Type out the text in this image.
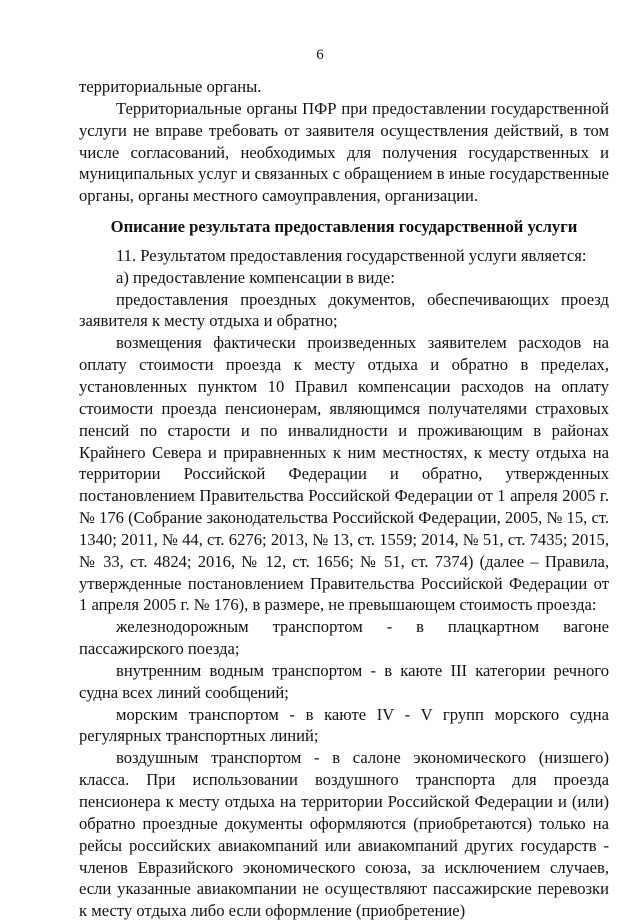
6

территориальные органы.

Территориальные органы ПФР при предоставлении государственной услуги не вправе требовать от заявителя осуществления действий, в том числе согласований, необходимых для получения государственных и муниципальных услуг и связанных с обращением в иные государственные органы, органы местного самоуправления, организации.

Описание результата предоставления государственной услуги

11. Результатом предоставления государственной услуги является:

а) предоставление компенсации в виде:

предоставления проездных документов, обеспечивающих проезд заявителя к месту отдыха и обратно;

возмещения фактически произведенных заявителем расходов на оплату стоимости проезда к месту отдыха и обратно в пределах, установленных пунктом 10 Правил компенсации расходов на оплату стоимости проезда пенсионерам, являющимся получателями страховых пенсий по старости и по инвалидности и проживающим в районах Крайнего Севера и приравненных к ним местностях, к месту отдыха на территории Российской Федерации и обратно, утвержденных постановлением Правительства Российской Федерации от 1 апреля 2005 г. № 176 (Собрание законодательства Российской Федерации, 2005, № 15, ст. 1340; 2011, № 44, ст. 6276; 2013, № 13, ст. 1559; 2014, № 51, ст. 7435; 2015, № 33, ст. 4824; 2016, № 12, ст. 1656; № 51, ст. 7374) (далее – Правила, утвержденные постановлением Правительства Российской Федерации от 1 апреля 2005 г. № 176), в размере, не превышающем стоимость проезда:

железнодорожным транспортом - в плацкартном вагоне пассажирского поезда;

внутренним водным транспортом - в каюте III категории речного судна всех линий сообщений;

морским транспортом - в каюте IV - V групп морского судна регулярных транспортных линий;

воздушным транспортом - в салоне экономического (низшего) класса. При использовании воздушного транспорта для проезда пенсионера к месту отдыха на территории Российской Федерации и (или) обратно проездные документы оформляются (приобретаются) только на рейсы российских авиакомпаний или авиакомпаний других государств - членов Евразийского экономического союза, за исключением случаев, если указанные авиакомпании не осуществляют пассажирские перевозки к месту отдыха либо если оформление (приобретение)
